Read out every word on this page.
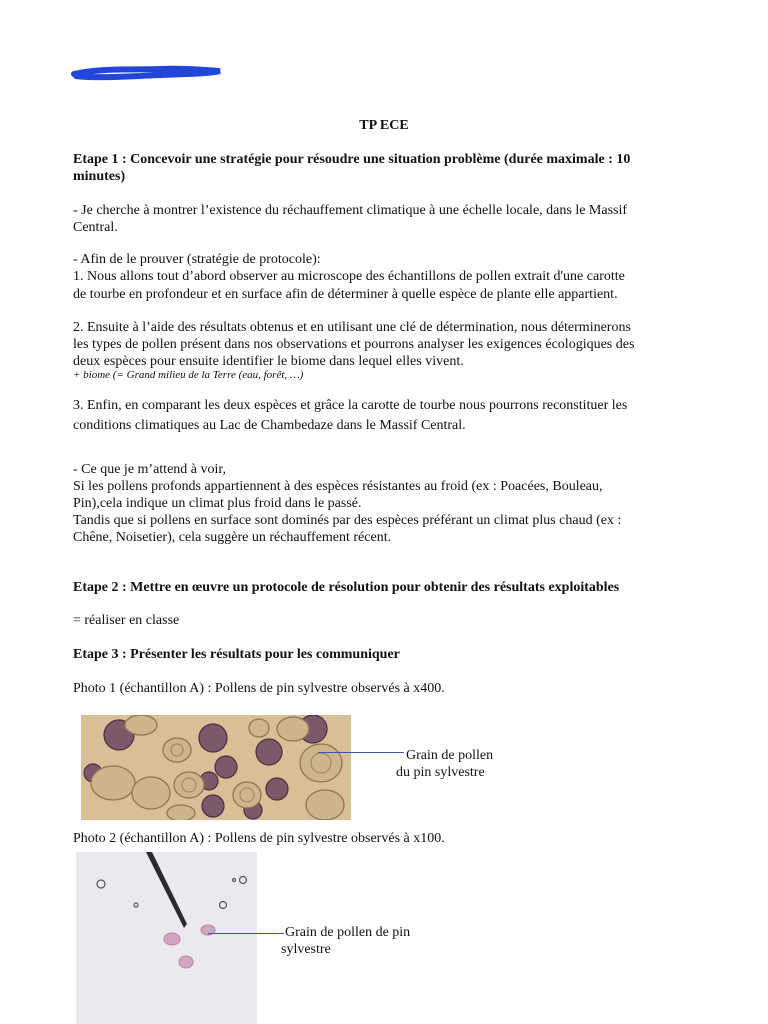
TP ECE

Etape 1 : Concevoir une stratégie pour résoudre une situation problème (durée maximale : 10

minutes)

- Je cherche à montrer l’existence du réchauffement climatique à une échelle locale, dans le Massif

Central.

- Afin de le prouver (stratégie de protocole):

1. Nous allons tout d’abord observer au microscope des échantillons de pollen extrait d'une carotte

de tourbe en profondeur et en surface afin de déterminer à quelle espèce de plante elle appartient.

2. Ensuite à l’aide des résultats obtenus et en utilisant une clé de détermination, nous déterminerons

les types de pollen présent dans nos observations et pourrons analyser les exigences écologiques des

deux espèces pour ensuite identifier le biome dans lequel elles vivent.

+ biome (= Grand milieu de la Terre (eau, forêt, …)

3. Enfin, en comparant les deux espèces et grâce la carotte de tourbe nous pourrons reconstituer les

conditions climatiques au Lac de Chambedaze dans le Massif Central.

- Ce que je m’attend à voir,

Si les pollens profonds appartiennent à des espèces résistantes au froid (ex : Poacées, Bouleau,

Pin),cela indique un climat plus froid dans le passé.

Tandis que si pollens en surface sont dominés par des espèces préférant un climat plus chaud (ex :

Chêne, Noisetier), cela suggère un réchauffement récent.

Etape 2 : Mettre en œuvre un protocole de résolution pour obtenir des résultats exploitables

= réaliser en classe

Etape 3 : Présenter les résultats pour les communiquer

Photo 1 (échantillon A) : Pollens de pin sylvestre observés à x400.

Grain de pollen
du pin sylvestre

Photo 2 (échantillon A) : Pollens de pin sylvestre observés à x100.

Grain de pollen de pin
sylvestre
